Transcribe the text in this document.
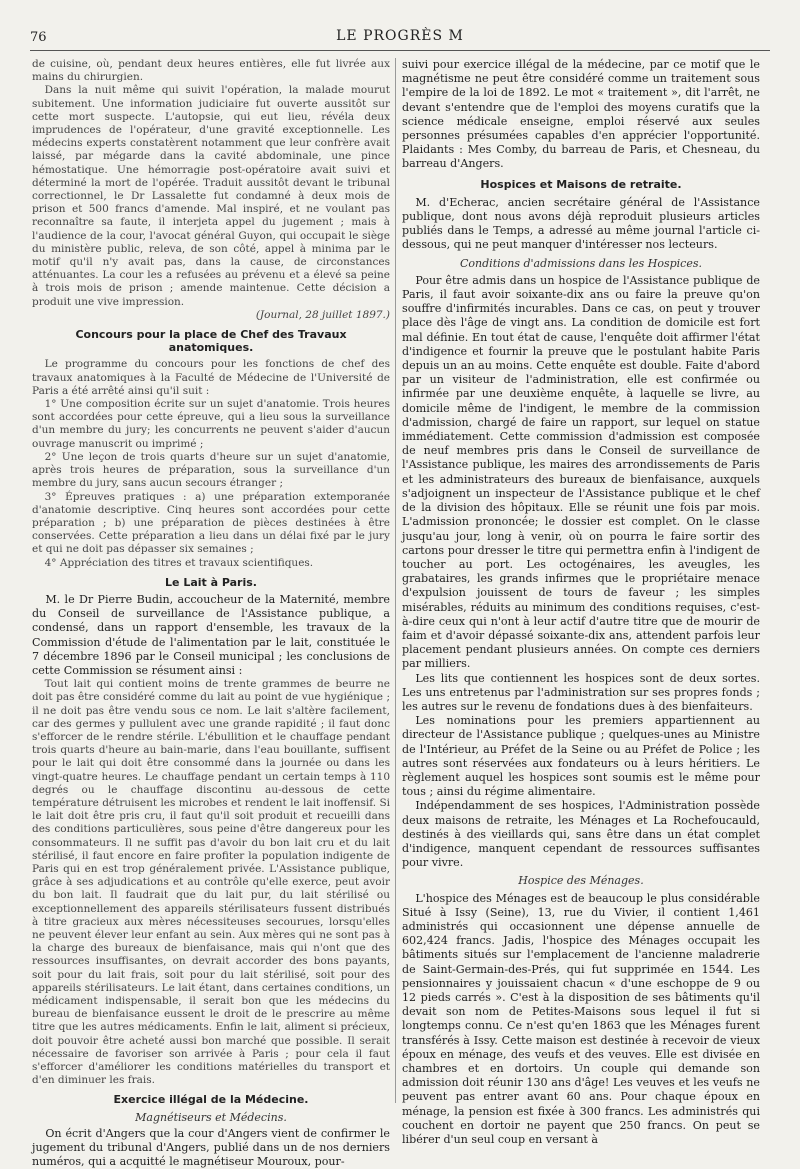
76	LE PROGRÈS M

de cuisine, où, pendant deux heures entières, elle fut livrée aux mains du chirurgien.

Dans la nuit même qui suivit l'opération, la malade mourut subitement. Une information judiciaire fut ouverte aussitôt sur cette mort suspecte. L'autopsie, qui eut lieu, révéla deux imprudences de l'opérateur, d'une gravité exceptionnelle. Les médecins experts constatèrent notamment que leur confrère avait laissé, par mégarde dans la cavité abdominale, une pince hémostatique. Une hémorragie post-opératoire avait suivi et déterminé la mort de l'opérée. Traduit aussitôt devant le tribunal correctionnel, le Dr Lassalette fut condamné à deux mois de prison et 500 francs d'amende. Mal inspiré, et ne voulant pas reconnaître sa faute, il interjeta appel du jugement ; mais à l'audience de la cour, l'avocat général Guyon, qui occupait le siège du ministère public, releva, de son côté, appel à minima par le motif qu'il n'y avait pas, dans la cause, de circonstances atténuantes. La cour les a refusées au prévenu et a élevé sa peine à trois mois de prison ; amende maintenue. Cette décision a produit une vive impression.

(Journal, 28 juillet 1897.)

Concours pour la place de Chef des Travaux anatomiques.

Le programme du concours pour les fonctions de chef des travaux anatomiques à la Faculté de Médecine de l'Université de Paris a été arrêté ainsi qu'il suit :

1° Une composition écrite sur un sujet d'anatomie. Trois heures sont accordées pour cette épreuve, qui a lieu sous la surveillance d'un membre du jury; les concurrents ne peuvent s'aider d'aucun ouvrage manuscrit ou imprimé ;

2° Une leçon de trois quarts d'heure sur un sujet d'anatomie, après trois heures de préparation, sous la surveillance d'un membre du jury, sans aucun secours étranger ;

3° Épreuves pratiques : a) une préparation extemporanée d'anatomie descriptive. Cinq heures sont accordées pour cette préparation ; b) une préparation de pièces destinées à être conservées. Cette préparation a lieu dans un délai fixé par le jury et qui ne doit pas dépasser six semaines ;

4° Appréciation des titres et travaux scientifiques.

Le Lait à Paris.

M. le Dr Pierre Budin, accoucheur de la Maternité, membre du Conseil de surveillance de l'Assistance publique, a condensé, dans un rapport d'ensemble, les travaux de la Commission d'étude de l'alimentation par le lait, constituée le 7 décembre 1896 par le Conseil municipal ; les conclusions de cette Commission se résument ainsi :

Tout lait qui contient moins de trente grammes de beurre ne doit pas être considéré comme du lait au point de vue hygiénique ; il ne doit pas être vendu sous ce nom. Le lait s'altère facilement, car des germes y pullulent avec une grande rapidité ; il faut donc s'efforcer de le rendre stérile. L'ébullition et le chauffage pendant trois quarts d'heure au bain-marie, dans l'eau bouillante, suffisent pour le lait qui doit être consommé dans la journée ou dans les vingt-quatre heures. Le chauffage pendant un certain temps à 110 degrés ou le chauffage discontinu au-dessous de cette température détruisent les microbes et rendent le lait inoffensif. Si le lait doit être pris cru, il faut qu'il soit produit et recueilli dans des conditions particulières, sous peine d'être dangereux pour les consommateurs. Il ne suffit pas d'avoir du bon lait cru et du lait stérilisé, il faut encore en faire profiter la population indigente de Paris qui en est trop généralement privée. L'Assistance publique, grâce à ses adjudications et au contrôle qu'elle exerce, peut avoir du bon lait. Il faudrait que du lait pur, du lait stérilisé ou exceptionnellement des appareils stérilisateurs fussent distribués à titre gracieux aux mères nécessiteuses secourues, lorsqu'elles ne peuvent élever leur enfant au sein. Aux mères qui ne sont pas à la charge des bureaux de bienfaisance, mais qui n'ont que des ressources insuffisantes, on devrait accorder des bons payants, soit pour du lait frais, soit pour du lait stérilisé, soit pour des appareils stérilisateurs. Le lait étant, dans certaines conditions, un médicament indispensable, il serait bon que les médecins du bureau de bienfaisance eussent le droit de le prescrire au même titre que les autres médicaments. Enfin le lait, aliment si précieux, doit pouvoir être acheté aussi bon marché que possible. Il serait nécessaire de favoriser son arrivée à Paris ; pour cela il faut s'efforcer d'améliorer les conditions matérielles du transport et d'en diminuer les frais.

Exercice illégal de la Médecine.
Magnétiseurs et Médecins.

On écrit d'Angers que la cour d'Angers vient de confirmer le jugement du tribunal d'Angers, publié dans un de nos derniers numéros, qui a acquitté le magnétiseur Mouroux, pour-

suivi pour exercice illégal de la médecine, par ce motif que le magnétisme ne peut être considéré comme un traitement sous l'empire de la loi de 1892. Le mot « traitement », dit l'arrêt, ne devant s'entendre que de l'emploi des moyens curatifs que la science médicale enseigne, emploi réservé aux seules personnes présumées capables d'en apprécier l'opportunité. Plaidants : Mes Comby, du barreau de Paris, et Chesneau, du barreau d'Angers.

Hospices et Maisons de retraite.

M. d'Echerac, ancien secrétaire général de l'Assistance publique, dont nous avons déjà reproduit plusieurs articles publiés dans le Temps, a adressé au même journal l'article ci-dessous, qui ne peut manquer d'intéresser nos lecteurs.

Conditions d'admissions dans les Hospices.

Pour être admis dans un hospice de l'Assistance publique de Paris, il faut avoir soixante-dix ans ou faire la preuve qu'on souffre d'infirmités incurables. Dans ce cas, on peut y trouver place dès l'âge de vingt ans. La condition de domicile est fort mal définie. En tout état de cause, l'enquête doit affirmer l'état d'indigence et fournir la preuve que le postulant habite Paris depuis un an au moins. Cette enquête est double. Faite d'abord par un visiteur de l'administration, elle est confirmée ou infirmée par une deuxième enquête, à laquelle se livre, au domicile même de l'indigent, le membre de la commission d'admission, chargé de faire un rapport, sur lequel on statue immédiatement. Cette commission d'admission est composée de neuf membres pris dans le Conseil de surveillance de l'Assistance publique, les maires des arrondissements de Paris et les administrateurs des bureaux de bienfaisance, auxquels s'adjoignent un inspecteur de l'Assistance publique et le chef de la division des hôpitaux. Elle se réunit une fois par mois. L'admission prononcée; le dossier est complet. On le classe jusqu'au jour, long à venir, où on pourra le faire sortir des cartons pour dresser le titre qui permettra enfin à l'indigent de toucher au port. Les octogénaires, les aveugles, les grabataires, les grands infirmes que le propriétaire menace d'expulsion jouissent de tours de faveur ; les simples misérables, réduits au minimum des conditions requises, c'est-à-dire ceux qui n'ont à leur actif d'autre titre que de mourir de faim et d'avoir dépassé soixante-dix ans, attendent parfois leur placement pendant plusieurs années. On compte ces derniers par milliers.

Les lits que contiennent les hospices sont de deux sortes. Les uns entretenus par l'administration sur ses propres fonds ; les autres sur le revenu de fondations dues à des bienfaiteurs.

Les nominations pour les premiers appartiennent au directeur de l'Assistance publique ; quelques-unes au Ministre de l'Intérieur, au Préfet de la Seine ou au Préfet de Police ; les autres sont réservées aux fondateurs ou à leurs héritiers. Le règlement auquel les hospices sont soumis est le même pour tous ; ainsi du régime alimentaire.

Indépendamment de ses hospices, l'Administration possède deux maisons de retraite, les Ménages et La Rochefoucauld, destinés à des vieillards qui, sans être dans un état complet d'indigence, manquent cependant de ressources suffisantes pour vivre.

Hospice des Ménages.

L'hospice des Ménages est de beaucoup le plus considérable Situé à Issy (Seine), 13, rue du Vivier, il contient 1,461 administrés qui occasionnent une dépense annuelle de 602,424 francs. Jadis, l'hospice des Ménages occupait les bâtiments situés sur l'emplacement de l'ancienne maladrerie de Saint-Germain-des-Prés, qui fut supprimée en 1544. Les pensionnaires y jouissaient chacun « d'une eschoppe de 9 ou 12 pieds carrés ». C'est à la disposition de ses bâtiments qu'il devait son nom de Petites-Maisons sous lequel il fut si longtemps connu. Ce n'est qu'en 1863 que les Ménages furent transférés à Issy. Cette maison est destinée à recevoir de vieux époux en ménage, des veufs et des veuves. Elle est divisée en chambres et en dortoirs. Un couple qui demande son admission doit réunir 130 ans d'âge! Les veuves et les veufs ne peuvent pas entrer avant 60 ans. Pour chaque époux en ménage, la pension est fixée à 300 francs. Les administrés qui couchent en dortoir ne payent que 250 francs. On peut se libérer d'un seul coup en versant à
